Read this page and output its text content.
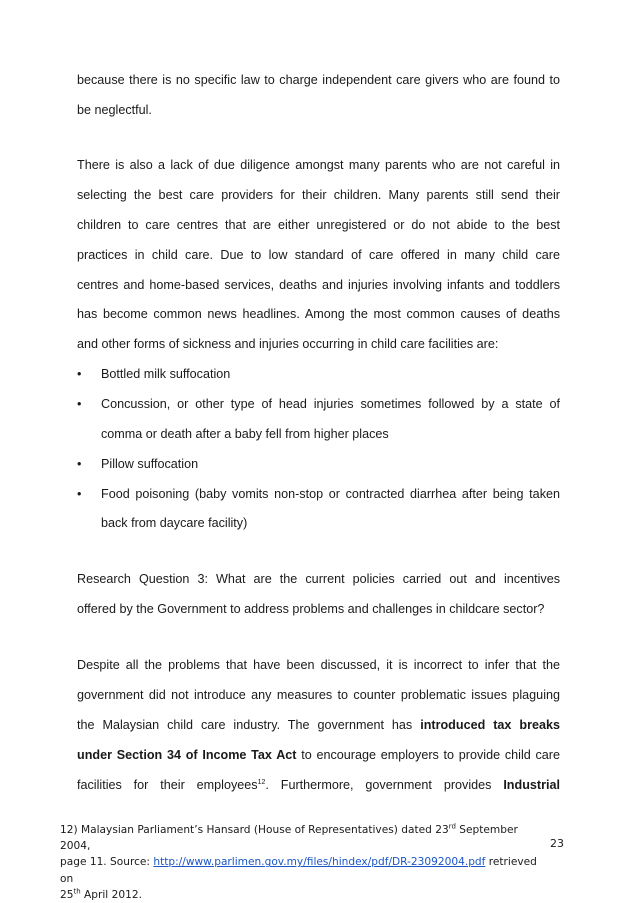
because there is no specific law to charge independent care givers who are found to
be neglectful.
There is also a lack of due diligence amongst many parents who are not careful in
selecting the best care providers for their children. Many parents still send their
children to care centres that are either unregistered or do not abide to the best
practices in child care. Due to low standard of care offered in many child care
centres and home-based services, deaths and injuries involving infants and toddlers
has become common news headlines. Among the most common causes of deaths
and other forms of sickness and injuries occurring in child care facilities are:
• Bottled milk suffocation
• Concussion, or other type of head injuries sometimes followed by a state of
comma or death after a baby fell from higher places
• Pillow suffocation
• Food poisoning (baby vomits non-stop or contracted diarrhea after being taken
back from daycare facility)
Research Question 3: What are the current policies carried out and incentives
offered by the Government to address problems and challenges in childcare sector?
Despite all the problems that have been discussed, it is incorrect to infer that the
government did not introduce any measures to counter problematic issues plaguing
the Malaysian child care industry. The government has introduced tax breaks
under Section 34 of Income Tax Act to encourage employers to provide child care
facilities for their employees$^{12}$. Furthermore, government provides Industrial
12) Malaysian Parliament’s Hansard (House of Representatives) dated 23rd September 2004,
page 11. Source: http://www.parlimen.gov.my/files/hindex/pdf/DR-23092004.pdf retrieved on
25th April 2012.
23
